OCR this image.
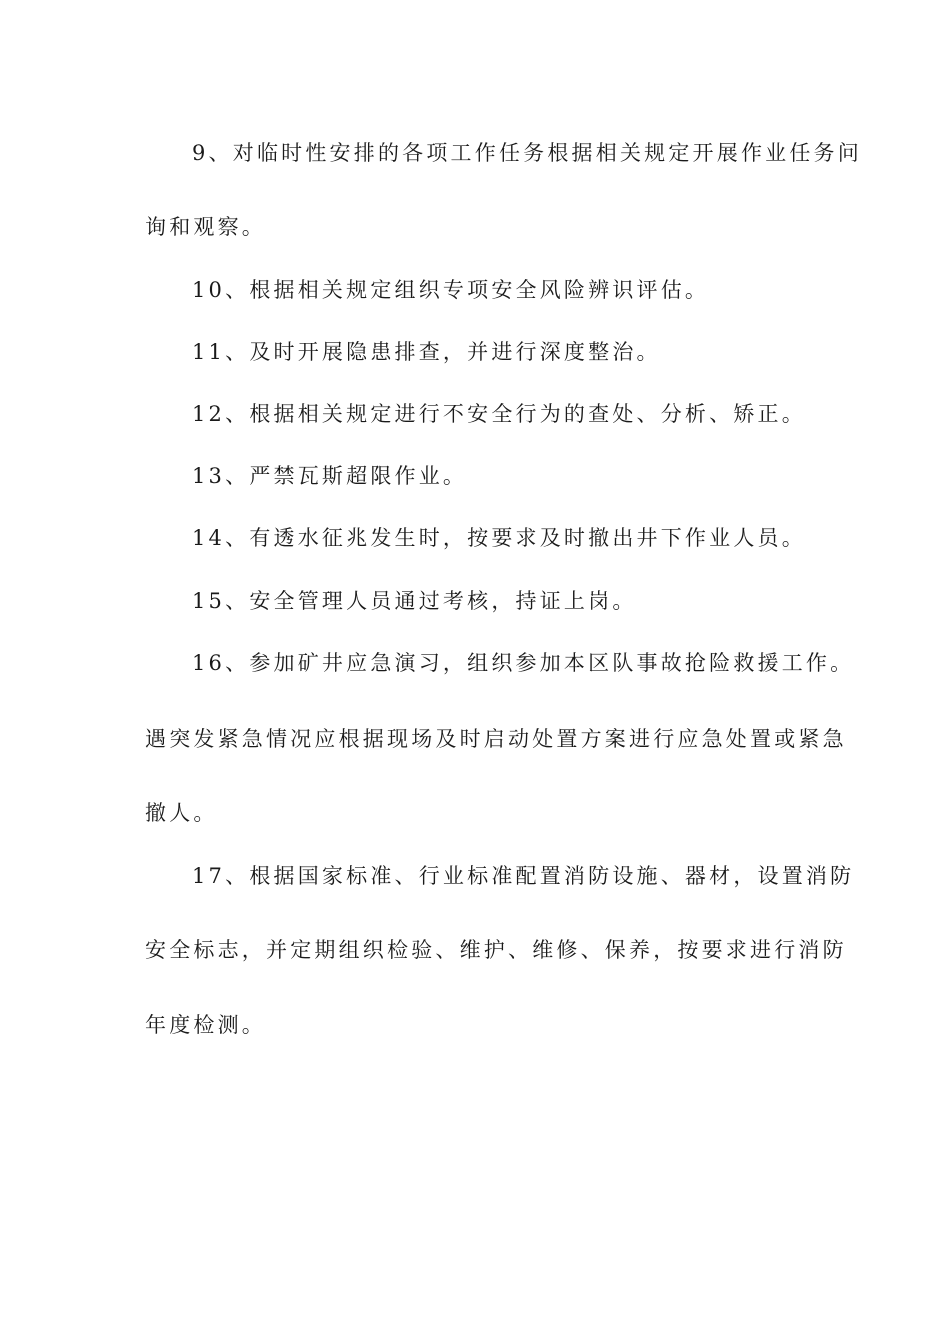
9、对临时性安排的各项工作任务根据相关规定开展作业任务问
询和观察。
10、根据相关规定组织专项安全风险辨识评估。
11、及时开展隐患排查，并进行深度整治。
12、根据相关规定进行不安全行为的查处、分析、矫正。
13、严禁瓦斯超限作业。
14、有透水征兆发生时，按要求及时撤出井下作业人员。
15、安全管理人员通过考核，持证上岗。
16、参加矿井应急演习，组织参加本区队事故抢险救援工作。
遇突发紧急情况应根据现场及时启动处置方案进行应急处置或紧急
撤人。
17、根据国家标准、行业标准配置消防设施、器材，设置消防
安全标志，并定期组织检验、维护、维修、保养，按要求进行消防
年度检测。
